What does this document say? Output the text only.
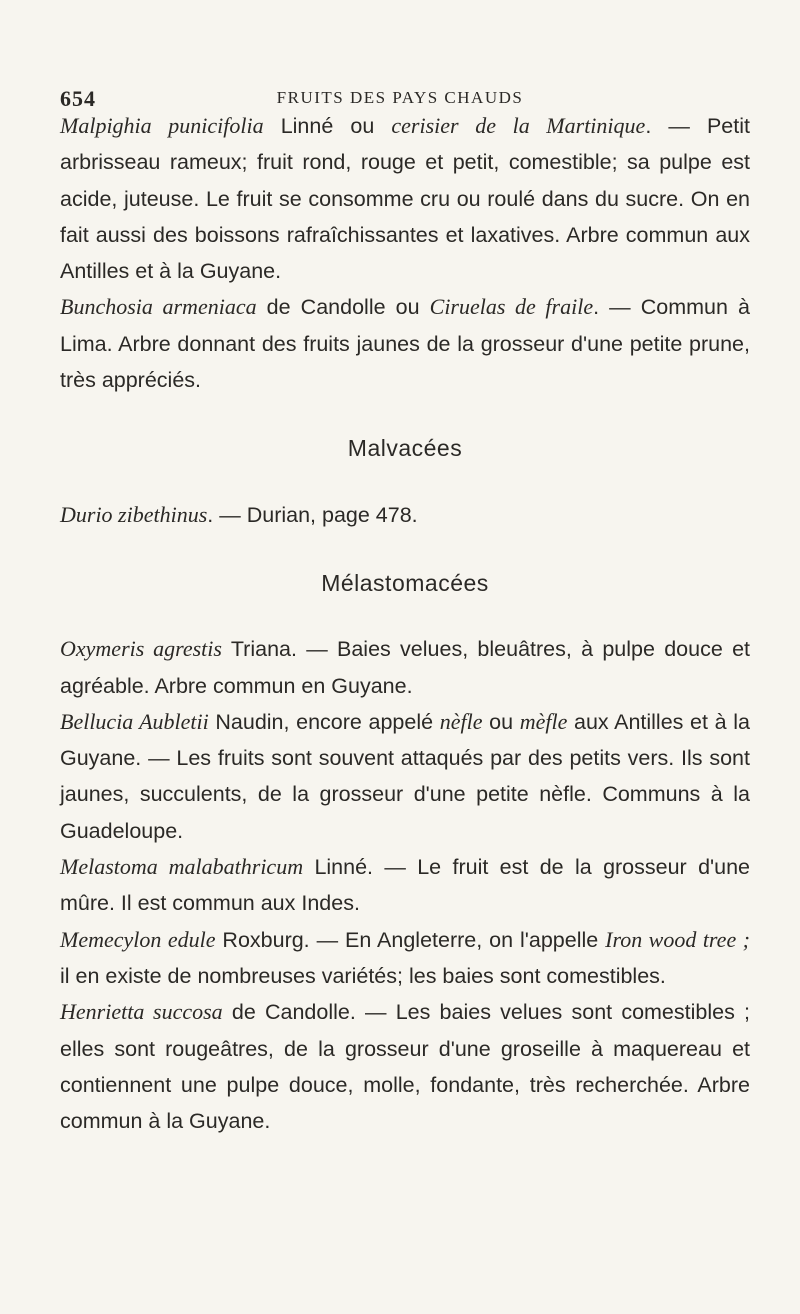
654	FRUITS DES PAYS CHAUDS

Malpighia punicifolia Linné ou cerisier de la Martinique. — Petit arbrisseau rameux; fruit rond, rouge et petit, comestible; sa pulpe est acide, juteuse. Le fruit se consomme cru ou roulé dans du sucre. On en fait aussi des boissons rafraîchissantes et laxatives. Arbre commun aux Antilles et à la Guyane.

Bunchosia armeniaca de Candolle ou Ciruelas de fraile. — Commun à Lima. Arbre donnant des fruits jaunes de la grosseur d'une petite prune, très appréciés.

Malvacées

Durio zibethinus. — Durian, page 478.

Mélastomacées

Oxymeris agrestis Triana. — Baies velues, bleuâtres, à pulpe douce et agréable. Arbre commun en Guyane.

Bellucia Aubletii Naudin, encore appelé nèfle ou mèfle aux Antilles et à la Guyane. — Les fruits sont souvent attaqués par des petits vers. Ils sont jaunes, succulents, de la grosseur d'une petite nèfle. Communs à la Guadeloupe.

Melastoma malabathricum Linné. — Le fruit est de la grosseur d'une mûre. Il est commun aux Indes.

Memecylon edule Roxburg. — En Angleterre, on l'appelle Iron wood tree ; il en existe de nombreuses variétés; les baies sont comestibles.

Henrietta succosa de Candolle. — Les baies velues sont comestibles ; elles sont rougeâtres, de la grosseur d'une groseille à maquereau et contiennent une pulpe douce, molle, fondante, très recherchée. Arbre commun à la Guyane.
